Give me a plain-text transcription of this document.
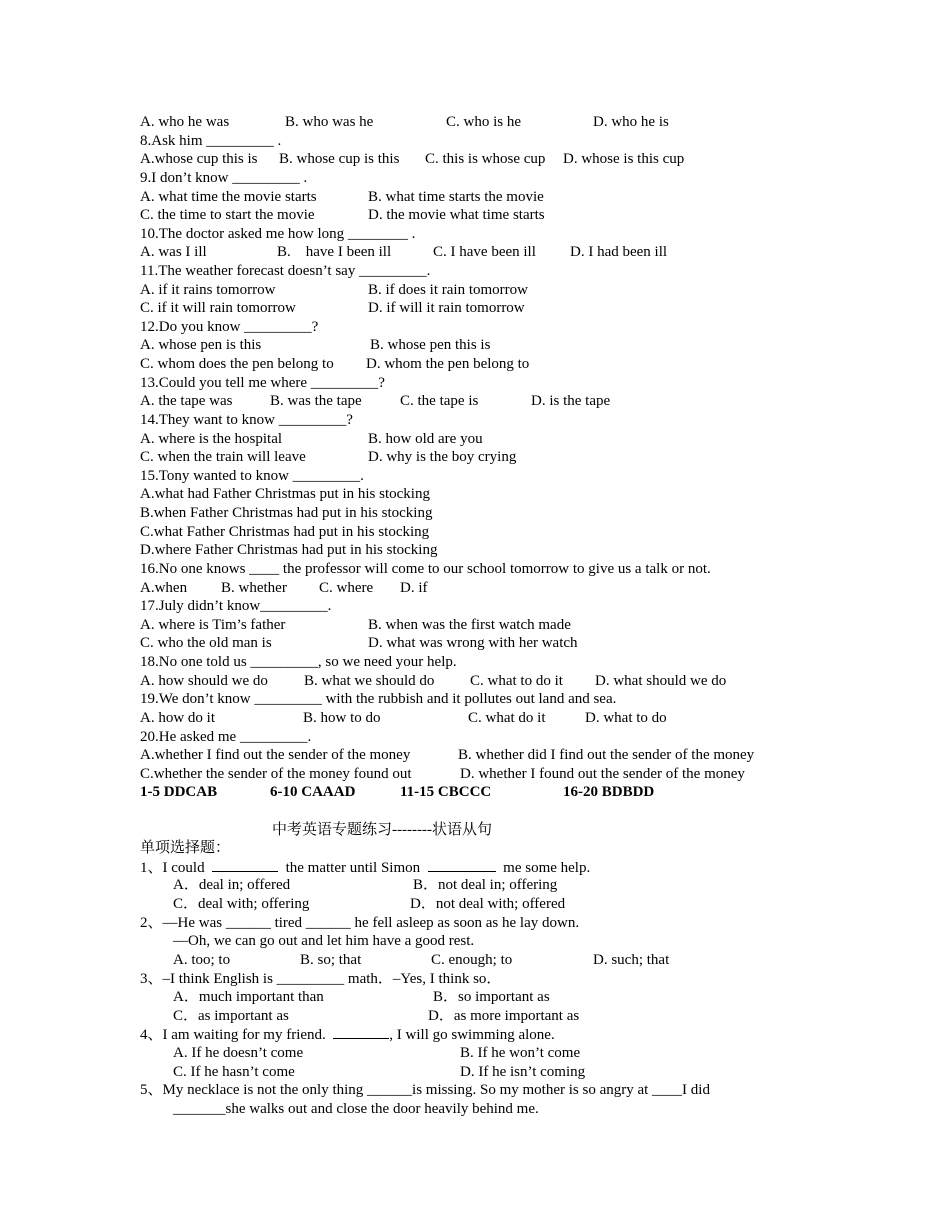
A. who he was	B. who was he	C. who is he	D. who he is
8.Ask him _________ .
A.whose cup this is B. whose cup is this C. this is whose cup D. whose is this cup
9.I don’t know _________ .
A. what time the movie starts	B. what time starts the movie
C. the time to start the movie	D. the movie what time starts
10.The doctor asked me how long ________ .
A. was I ill	B.    have I been ill	C. I have been ill D. I had been ill
11.The weather forecast doesn’t say _________.
A. if it rains tomorrow	B. if does it rain tomorrow
C. if it will rain tomorrow	D. if will it rain tomorrow
12.Do you know _________?
A. whose pen is this	B. whose pen this is
C. whom does the pen belong to D. whom the pen belong to
13.Could you tell me where _________?
A. the tape was	B. was the tape	C. the tape is	D. is the tape
14.They want to know _________?
A. where is the hospital	B. how old are you
C. when the train will leave	D. why is the boy crying
15.Tony wanted to know _________.
A.what had Father Christmas put in his stocking
B.when Father Christmas had put in his stocking
C.what Father Christmas had put in his stocking
D.where Father Christmas had put in his stocking
16.No one knows ____ the professor will come to our school tomorrow to give us a talk or not.
A.when B. whether C. where D. if
17.July didn’t know_________.
A. where is Tim’s father	B. when was the first watch made
C. who the old man is	D. what was wrong with her watch
18.No one told us _________, so we need your help.
A. how should we do B. what we should do C. what to do it D. what should we do
19.We don’t know _________ with the rubbish and it pollutes out land and sea.
A. how do it	B. how to do	C. what do it	D. what to do
20.He asked me _________.
A.whether I find out the sender of the money	B. whether did I find out the sender of the money
C.whether the sender of the money found out	D. whether I found out the sender of the money
1-5 DDCAB	6-10 CAAAD	11-15 CBCCC	16-20 BDBDD
中考英语专题练习--------状语从句
单项选择题：
1、I could	the matter until Simon	me some help.
A．deal in; offered	B．not deal in; offering
C．deal with; offering	D．not deal with; offered
2、—He was ______ tired ______ he fell asleep as soon as he lay down.
—Oh, we can go out and let him have a good rest.
A. too; to	B. so; that	C. enough; to	D. such; that
3、–I think English is _________ math．–Yes, I think so．
A．much important than	B．so important as
C．as important as	D．as more important as
4、I am waiting for my friend.	, I will go swimming alone.
A. If he doesn’t come	B. If he won’t come
C. If he hasn’t come	D. If he isn’t coming
5、My necklace is not the only thing ______is missing. So my mother is so angry at ____I did
_______she walks out and close the door heavily behind me.
